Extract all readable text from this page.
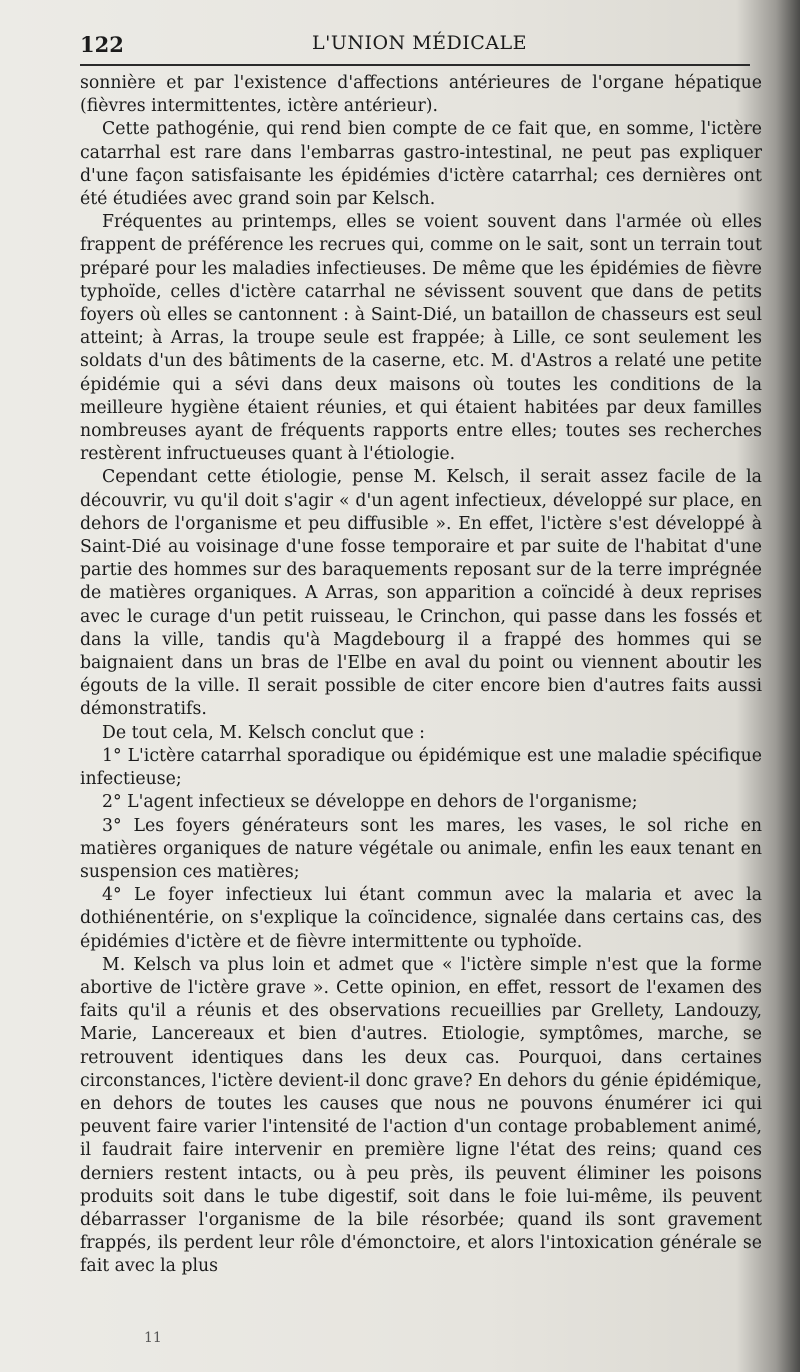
122	L'UNION MÉDICALE

sonnière et par l'existence d'affections antérieures de l'organe hépatique (fièvres intermittentes, ictère antérieur).

Cette pathogénie, qui rend bien compte de ce fait que, en somme, l'ictère catarrhal est rare dans l'embarras gastro-intestinal, ne peut pas expliquer d'une façon satisfaisante les épidémies d'ictère catarrhal; ces dernières ont été étudiées avec grand soin par Kelsch.

Fréquentes au printemps, elles se voient souvent dans l'armée où elles frappent de préférence les recrues qui, comme on le sait, sont un terrain tout préparé pour les maladies infectieuses. De même que les épidémies de fièvre typhoïde, celles d'ictère catarrhal ne sévissent souvent que dans de petits foyers où elles se cantonnent : à Saint-Dié, un bataillon de chasseurs est seul atteint; à Arras, la troupe seule est frappée; à Lille, ce sont seulement les soldats d'un des bâtiments de la caserne, etc. M. d'Astros a relaté une petite épidémie qui a sévi dans deux maisons où toutes les conditions de la meilleure hygiène étaient réunies, et qui étaient habitées par deux familles nombreuses ayant de fréquents rapports entre elles; toutes ses recherches restèrent infructueuses quant à l'étiologie.

Cependant cette étiologie, pense M. Kelsch, il serait assez facile de la découvrir, vu qu'il doit s'agir « d'un agent infectieux, développé sur place, en dehors de l'organisme et peu diffusible ». En effet, l'ictère s'est développé à Saint-Dié au voisinage d'une fosse temporaire et par suite de l'habitat d'une partie des hommes sur des baraquements reposant sur de la terre imprégnée de matières organiques. A Arras, son apparition a coïncidé à deux reprises avec le curage d'un petit ruisseau, le Crinchon, qui passe dans les fossés et dans la ville, tandis qu'à Magdebourg il a frappé des hommes qui se baignaient dans un bras de l'Elbe en aval du point ou viennent aboutir les égouts de la ville. Il serait possible de citer encore bien d'autres faits aussi démonstratifs.

De tout cela, M. Kelsch conclut que :

1° L'ictère catarrhal sporadique ou épidémique est une maladie spécifique infectieuse;

2° L'agent infectieux se développe en dehors de l'organisme;

3° Les foyers générateurs sont les mares, les vases, le sol riche en matières organiques de nature végétale ou animale, enfin les eaux tenant en suspension ces matières;

4° Le foyer infectieux lui étant commun avec la malaria et avec la dothiénentérie, on s'explique la coïncidence, signalée dans certains cas, des épidémies d'ictère et de fièvre intermittente ou typhoïde.

M. Kelsch va plus loin et admet que « l'ictère simple n'est que la forme abortive de l'ictère grave ». Cette opinion, en effet, ressort de l'examen des faits qu'il a réunis et des observations recueillies par Grellety, Landouzy, Marie, Lancereaux et bien d'autres. Etiologie, symptômes, marche, se retrouvent identiques dans les deux cas. Pourquoi, dans certaines circonstances, l'ictère devient-il donc grave? En dehors du génie épidémique, en dehors de toutes les causes que nous ne pouvons énumérer ici qui peuvent faire varier l'intensité de l'action d'un contage probablement animé, il faudrait faire intervenir en première ligne l'état des reins; quand ces derniers restent intacts, ou à peu près, ils peuvent éliminer les poisons produits soit dans le tube digestif, soit dans le foie lui-même, ils peuvent débarrasser l'organisme de la bile résorbée; quand ils sont gravement frappés, ils perdent leur rôle d'émonctoire, et alors l'intoxication générale se fait avec la plus

11
